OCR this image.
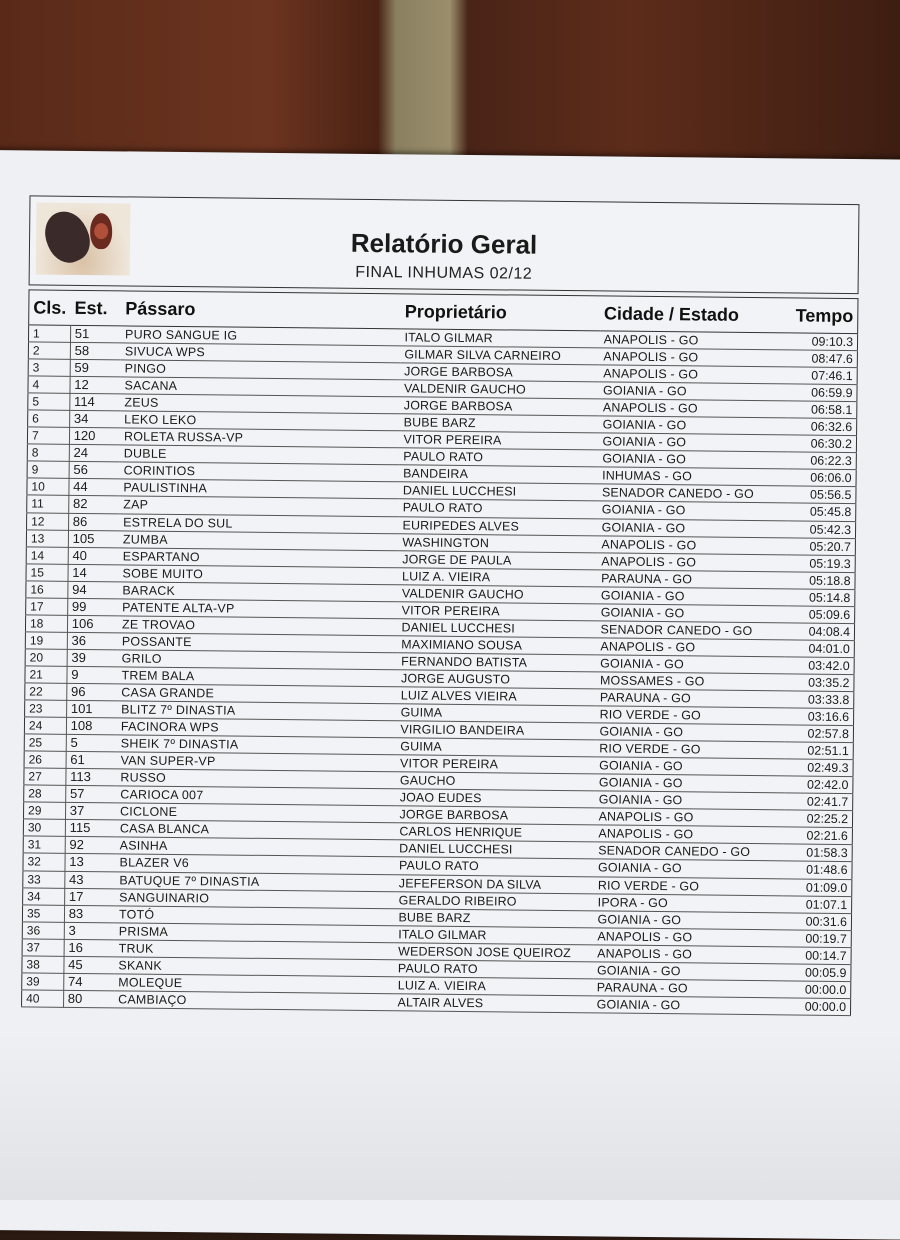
Relatório Geral
FINAL INHUMAS 02/12
Cls.	Est.	Pássaro	Proprietário	Cidade / Estado	Tempo
1	51	PURO SANGUE IG	ITALO GILMAR	ANAPOLIS - GO	09:10.3
2	58	SIVUCA WPS	GILMAR SILVA CARNEIRO	ANAPOLIS - GO	08:47.6
3	59	PINGO	JORGE BARBOSA	ANAPOLIS - GO	07:46.1
4	12	SACANA	VALDENIR GAUCHO	GOIANIA - GO	06:59.9
5	114	ZEUS	JORGE BARBOSA	ANAPOLIS - GO	06:58.1
6	34	LEKO LEKO	BUBE BARZ	GOIANIA - GO	06:32.6
7	120	ROLETA RUSSA-VP	VITOR PEREIRA	GOIANIA - GO	06:30.2
8	24	DUBLE	PAULO RATO	GOIANIA - GO	06:22.3
9	56	CORINTIOS	BANDEIRA	INHUMAS - GO	06:06.0
10	44	PAULISTINHA	DANIEL LUCCHESI	SENADOR CANEDO - GO	05:56.5
11	82	ZAP	PAULO RATO	GOIANIA - GO	05:45.8
12	86	ESTRELA DO SUL	EURIPEDES ALVES	GOIANIA - GO	05:42.3
13	105	ZUMBA	WASHINGTON	ANAPOLIS - GO	05:20.7
14	40	ESPARTANO	JORGE DE PAULA	ANAPOLIS - GO	05:19.3
15	14	SOBE MUITO	LUIZ A. VIEIRA	PARAUNA - GO	05:18.8
16	94	BARACK	VALDENIR GAUCHO	GOIANIA - GO	05:14.8
17	99	PATENTE ALTA-VP	VITOR PEREIRA	GOIANIA - GO	05:09.6
18	106	ZE TROVAO	DANIEL LUCCHESI	SENADOR CANEDO - GO	04:08.4
19	36	POSSANTE	MAXIMIANO SOUSA	ANAPOLIS - GO	04:01.0
20	39	GRILO	FERNANDO BATISTA	GOIANIA - GO	03:42.0
21	9	TREM BALA	JORGE AUGUSTO	MOSSAMES - GO	03:35.2
22	96	CASA GRANDE	LUIZ ALVES VIEIRA	PARAUNA - GO	03:33.8
23	101	BLITZ 7º DINASTIA	GUIMA	RIO VERDE - GO	03:16.6
24	108	FACINORA WPS	VIRGILIO BANDEIRA	GOIANIA - GO	02:57.8
25	5	SHEIK 7º DINASTIA	GUIMA	RIO VERDE - GO	02:51.1
26	61	VAN SUPER-VP	VITOR PEREIRA	GOIANIA - GO	02:49.3
27	113	RUSSO	GAUCHO	GOIANIA - GO	02:42.0
28	57	CARIOCA 007	JOAO EUDES	GOIANIA - GO	02:41.7
29	37	CICLONE	JORGE BARBOSA	ANAPOLIS - GO	02:25.2
30	115	CASA BLANCA	CARLOS HENRIQUE	ANAPOLIS - GO	02:21.6
31	92	ASINHA	DANIEL LUCCHESI	SENADOR CANEDO - GO	01:58.3
32	13	BLAZER V6	PAULO RATO	GOIANIA - GO	01:48.6
33	43	BATUQUE 7º DINASTIA	JEFEFERSON DA SILVA	RIO VERDE - GO	01:09.0
34	17	SANGUINARIO	GERALDO RIBEIRO	IPORA - GO	01:07.1
35	83	TOTÓ	BUBE BARZ	GOIANIA - GO	00:31.6
36	3	PRISMA	ITALO GILMAR	ANAPOLIS - GO	00:19.7
37	16	TRUK	WEDERSON JOSE QUEIROZ	ANAPOLIS - GO	00:14.7
38	45	SKANK	PAULO RATO	GOIANIA - GO	00:05.9
39	74	MOLEQUE	LUIZ A. VIEIRA	PARAUNA - GO	00:00.0
40	80	CAMBIAÇO	ALTAIR ALVES	GOIANIA - GO	00:00.0
